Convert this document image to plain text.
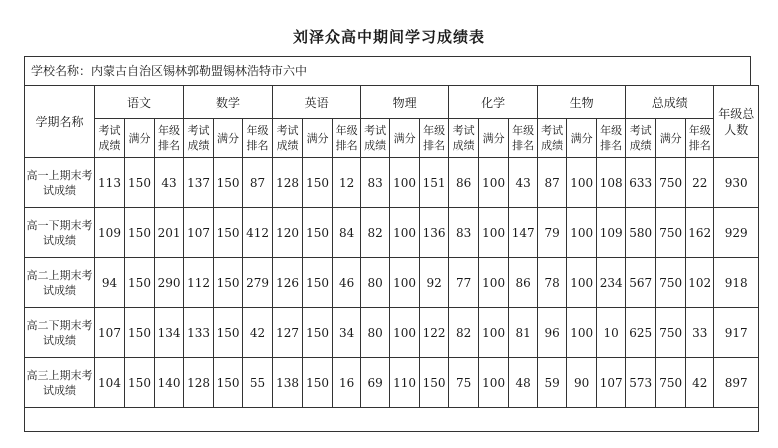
刘泽众高中期间学习成绩表
学校名称：内蒙古自治区锡林郭勒盟锡林浩特市六中
学期名称	语文			数学			英语			物理			化学			生物			总成绩			年级总人数
	考试成绩	满分	年级排名	考试成绩	满分	年级排名	考试成绩	满分	年级排名	考试成绩	满分	年级排名	考试成绩	满分	年级排名	考试成绩	满分	年级排名	考试成绩	满分	年级排名	
高一上期末考试成绩	113	150	43	137	150	87	128	150	12	83	100	151	86	100	43	87	100	108	633	750	22	930
高一下期末考试成绩	109	150	201	107	150	412	120	150	84	82	100	136	83	100	147	79	100	109	580	750	162	929
高二上期末考试成绩	94	150	290	112	150	279	126	150	46	80	100	92	77	100	86	78	100	234	567	750	102	918
高二下期末考试成绩	107	150	134	133	150	42	127	150	34	80	100	122	82	100	81	96	100	10	625	750	33	917
高三上期末考试成绩	104	150	140	128	150	55	138	150	16	69	110	150	75	100	48	59	90	107	573	750	42	897
